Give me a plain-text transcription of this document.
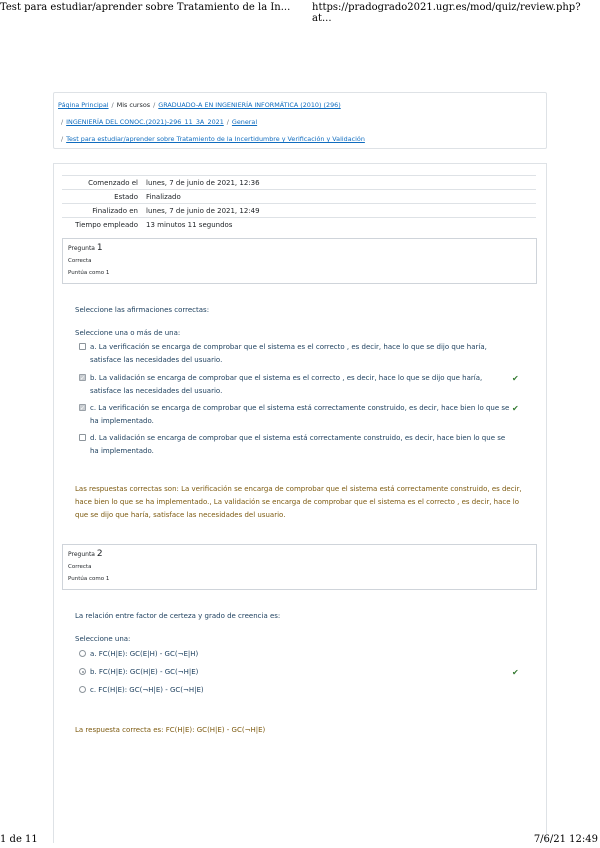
Test para estudiar/aprender sobre Tratamiento de la In... https://pradogrado2021.ugr.es/mod/quiz/review.php?at...
Página Principal / Mis cursos / GRADUADO-A EN INGENIERÍA INFORMÁTICA (2010) (296)
/ INGENIERÍA DEL CONOC.(2021)-296_11_3A_2021 / General
/ Test para estudiar/aprender sobre Tratamiento de la Incertidumbre y Verificación y Validación
Comenzado el lunes, 7 de junio de 2021, 12:36
Estado Finalizado
Finalizado en lunes, 7 de junio de 2021, 12:49
Tiempo empleado 13 minutos 11 segundos
Pregunta 1
Correcta
Puntúa como 1
Seleccione las afirmaciones correctas:
Seleccione una o más de una:
a. La verificación se encarga de comprobar que el sistema es el correcto , es decir, hace lo que se dijo que haría, satisface las necesidades del usuario.
✓
b. La validación se encarga de comprobar que el sistema es el correcto , es decir, hace lo que se dijo que haría, satisface las necesidades del usuario.
✔
✓
c. La verificación se encarga de comprobar que el sistema está correctamente construido, es decir, hace bien lo que se ha implementado.
✔
d. La validación se encarga de comprobar que el sistema está correctamente construido, es decir, hace bien lo que se ha implementado.
Las respuestas correctas son: La verificación se encarga de comprobar que el sistema está correctamente construido, es decir, hace bien lo que se ha implementado., La validación se encarga de comprobar que el sistema es el correcto , es decir, hace lo que se dijo que haría, satisface las necesidades del usuario.
Pregunta 2
Correcta
Puntúa como 1
La relación entre factor de certeza y grado de creencia es:
Seleccione una:
a. FC(H|E): GC(E|H) - GC(¬E|H)
b. FC(H|E): GC(H|E) - GC(¬H|E)	✔
c. FC(H|E): GC(¬H|E) - GC(¬H|E)
La respuesta correcta es: FC(H|E): GC(H|E) - GC(¬H|E)
1 de 11	7/6/21 12:49
